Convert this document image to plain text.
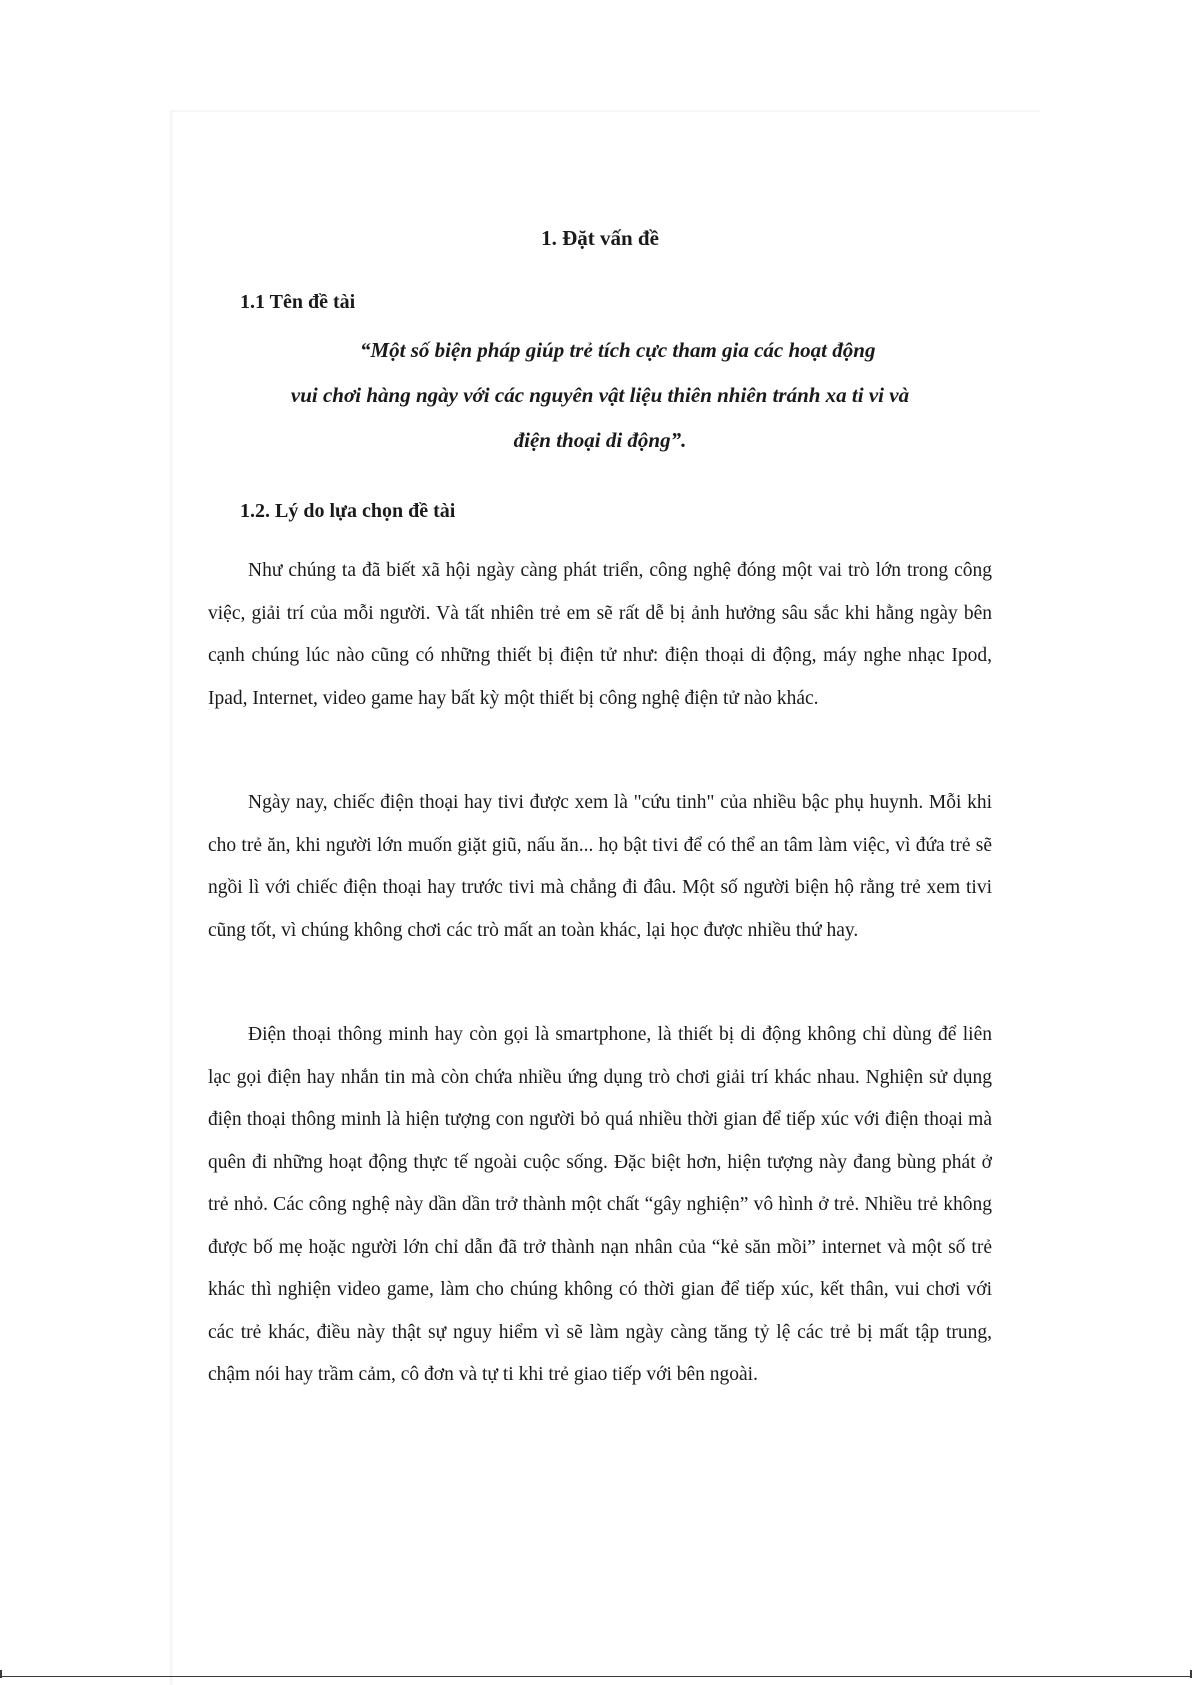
1. Đặt vấn đề
1.1 Tên đề tài
“Một số biện pháp giúp trẻ tích cực tham gia các hoạt động
vui chơi hàng ngày với các nguyên vật liệu thiên nhiên tránh xa ti vi và
điện thoại di động”.
1.2. Lý do lựa chọn đề tài

Như chúng ta đã biết xã hội ngày càng phát triển, công nghệ đóng một vai trò lớn trong công việc, giải trí của mỗi người. Và tất nhiên trẻ em sẽ rất dễ bị ảnh hưởng sâu sắc khi hằng ngày bên cạnh chúng lúc nào cũng có những thiết bị điện tử như: điện thoại di động, máy nghe nhạc Ipod, Ipad, Internet, video game hay bất kỳ một thiết bị công nghệ điện tử nào khác.

Ngày nay, chiếc điện thoại hay tivi được xem là "cứu tinh" của nhiều bậc phụ huynh. Mỗi khi cho trẻ ăn, khi người lớn muốn giặt giũ, nấu ăn... họ bật tivi để có thể an tâm làm việc, vì đứa trẻ sẽ ngồi lì với chiếc điện thoại hay trước tivi mà chẳng đi đâu. Một số người biện hộ rằng trẻ xem tivi cũng tốt, vì chúng không chơi các trò mất an toàn khác, lại học được nhiều thứ hay.

Điện thoại thông minh hay còn gọi là smartphone, là thiết bị di động không chỉ dùng để liên lạc gọi điện hay nhắn tin mà còn chứa nhiều ứng dụng trò chơi giải trí khác nhau. Nghiện sử dụng điện thoại thông minh là hiện tượng con người bỏ quá nhiều thời gian để tiếp xúc với điện thoại mà quên đi những hoạt động thực tế ngoài cuộc sống. Đặc biệt hơn, hiện tượng này đang bùng phát ở trẻ nhỏ. Các công nghệ này dần dần trở thành một chất “gây nghiện” vô hình ở trẻ. Nhiều trẻ không được bố mẹ hoặc người lớn chỉ dẫn đã trở thành nạn nhân của “kẻ săn mồi” internet và một số trẻ khác thì nghiện video game, làm cho chúng không có thời gian để tiếp xúc, kết thân, vui chơi với các trẻ khác, điều này thật sự nguy hiểm vì sẽ làm ngày càng tăng tỷ lệ các trẻ bị mất tập trung, chậm nói hay trầm cảm, cô đơn và tự ti khi trẻ giao tiếp với bên ngoài.
